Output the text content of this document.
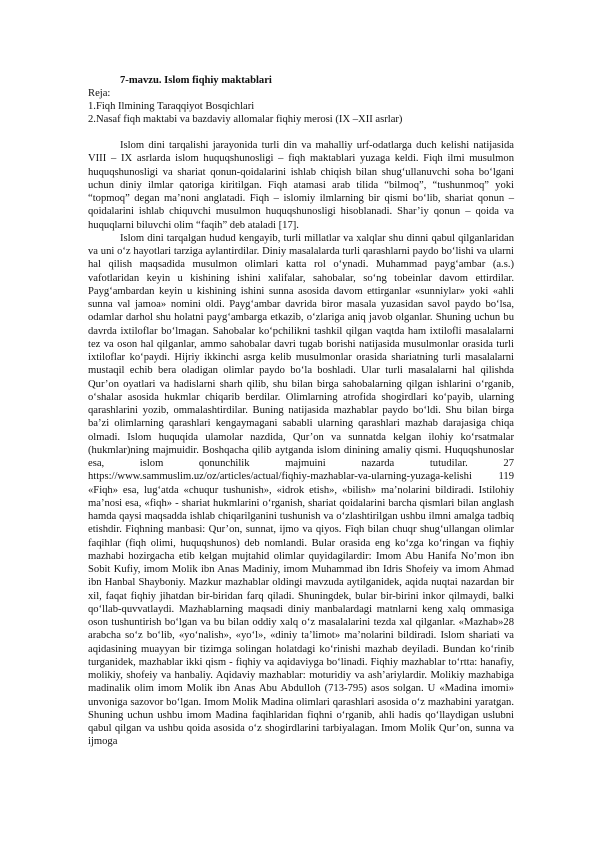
7-mavzu. Islom fiqhiy maktablari

Reja:

1.Fiqh Ilmining Taraqqiyot Bosqichlari

2.Nasaf fiqh maktabi va bazdaviy allomalar fiqhiy merosi (IX –XII asrlar)

Islom dini tarqalishi jarayonida turli din va mahalliy urf-odatlarga duch kelishi natijasida VIII – IX asrlarda islom huquqshunosligi – fiqh maktablari yuzaga keldi. Fiqh ilmi musulmon huquqshunosligi va shariat qonun-qoidalarini ishlab chiqish bilan shug‘ullanuvchi soha bo‘lgani uchun diniy ilmlar qatoriga kiritilgan. Fiqh atamasi arab tilida “bilmoq”, “tushunmoq” yoki “topmoq” degan ma’noni anglatadi. Fiqh – islomiy ilmlarning bir qismi bo‘lib, shariat qonun – qoidalarini ishlab chiquvchi musulmon huquqshunosligi hisoblanadi. Shar’iy qonun – qoida va huquqlarni biluvchi olim “faqih” deb ataladi [17].

Islom dini tarqalgan hudud kengayib, turli millatlar va xalqlar shu dinni qabul qilganlaridan va uni o‘z hayotlari tarziga aylantirdilar. Diniy masalalarda turli qarashlarni paydo bo‘lishi va ularni hal qilish maqsadida musulmon olimlari katta rol o‘ynadi. Muhammad payg‘ambar (a.s.) vafotlaridan keyin u kishining ishini xalifalar, sahobalar, so‘ng tobeinlar davom ettirdilar. Payg‘ambardan keyin u kishining ishini sunna asosida davom ettirganlar «sunniylar» yoki «ahli sunna val jamoa» nomini oldi. Payg‘ambar davrida biror masala yuzasidan savol paydo bo‘lsa, odamlar darhol shu holatni payg‘ambarga etkazib, o‘zlariga aniq javob olganlar. Shuning uchun bu davrda ixtiloflar bo‘lmagan. Sahobalar ko‘pchilikni tashkil qilgan vaqtda ham ixtiloflі masalalarni tez va oson hal qilganlar, ammo sahobalar davri tugab borishi natijasida musulmonlar orasida turli ixtiloflar ko‘paydi. Hijriy ikkinchi asrga kelib musulmonlar orasida shariatning turli masalalarni mustaqil echib bera oladigan olimlar paydo bo‘la boshladi. Ular turli masalalarni hal qilishda Qur’on oyatlari va hadislarni sharh qilib, shu bilan birga sahobalarning qilgan ishlarini o‘rganib, o‘shalar asosida hukmlar chiqarib berdilar. Olimlarning atrofida shogirdlari ko‘payib, ularning qarashlarini yozib, ommalashtirdilar. Buning natijasida mazhablar paydo bo‘ldi. Shu bilan birga ba’zi olimlarning qarashlari kengaymagani sababli ularning qarashlari mazhab darajasiga chiqa olmadi. Islom huquqida ulamolar nazdida, Qur’on va sunnatda kelgan ilohiy ko‘rsatmalar (hukmlar)ning majmuidir. Boshqacha qilib aytganda islom dinining amaliy qismi. Huquqshunoslar esa, islom qonunchilik majmuini nazarda tutudilar. 27 https://www.sammuslim.uz/oz/articles/actual/fiqhiy-mazhablar-va-ularning-yuzaga-kelishi 119 «Fiqh» esa, lug‘atda «chuqur tushunish», «idrok etish», «bilish» ma’nolarini bildiradi. Istilohiy ma’nosi esa, «fiqh» - shariat hukmlarini o‘rganish, shariat qoidalarini barcha qismlari bilan anglash hamda qaysi maqsadda ishlab chiqarilganini tushunish va o‘zlashtirilgan ushbu ilmni amalga tadbiq etishdir. Fiqhning manbasi: Qur’on, sunnat, ijmo va qiyos. Fiqh bilan chuqr shug‘ullangan olimlar faqihlar (fiqh olimi, huquqshunos) deb nomlandi. Bular orasida eng ko‘zga ko‘ringan va fiqhiy mazhabi hozirgacha etib kelgan mujtahid olimlar quyidagilardir: Imom Abu Hanifa No’mon ibn Sobit Kufiy, imom Molik ibn Anas Madiniy, imom Muhammad ibn Idris Shofeiy va imom Ahmad ibn Hanbal Shayboniy. Mazkur mazhablar oldingi mavzuda aytilganidek, aqida nuqtai nazardan bir xil, faqat fiqhiy jihatdan bir-biridan farq qiladi. Shuningdek, bular bir-birini inkor qilmaydi, balki qo‘llab-quvvatlaydi. Mazhablarning maqsadi diniy manbalardagi matnlarni keng xalq ommasiga oson tushuntirish bo‘lgan va bu bilan oddiy xalq o‘z masalalarini tezda xal qilganlar. «Mazhab»28 arabcha so‘z bo‘lib, «yo‘nalish», «yo‘l», «diniy ta’limot» ma’nolarini bildiradi. Islom shariati va aqidasining muayyan bir tizimga solingan holatdagi ko‘rinishi mazhab deyiladi. Bundan ko‘rinib turganidek, mazhablar ikki qism - fiqhiy va aqidaviyga bo‘linadi. Fiqhiy mazhablar to‘rtta: hanafiy, molikiy, shofeiy va hanbaliy. Aqidaviy mazhablar: moturidiy va ash’ariylardir. Molikiy mazhabiga madinalik olim imom Molik ibn Anas Abu Abdulloh (713-795) asos solgan. U «Madina imomi» unvoniga sazovor bo‘lgan. Imom Molik Madina olimlari qarashlari asosida o‘z mazhabini yaratgan. Shuning uchun ushbu imom Madina faqihlaridan fiqhni o‘rganib, ahli hadis qo‘llaydigan uslubni qabul qilgan va ushbu qoida asosida o‘z shogirdlarini tarbiyalagan. Imom Molik Qur’on, sunna va ijmoga
